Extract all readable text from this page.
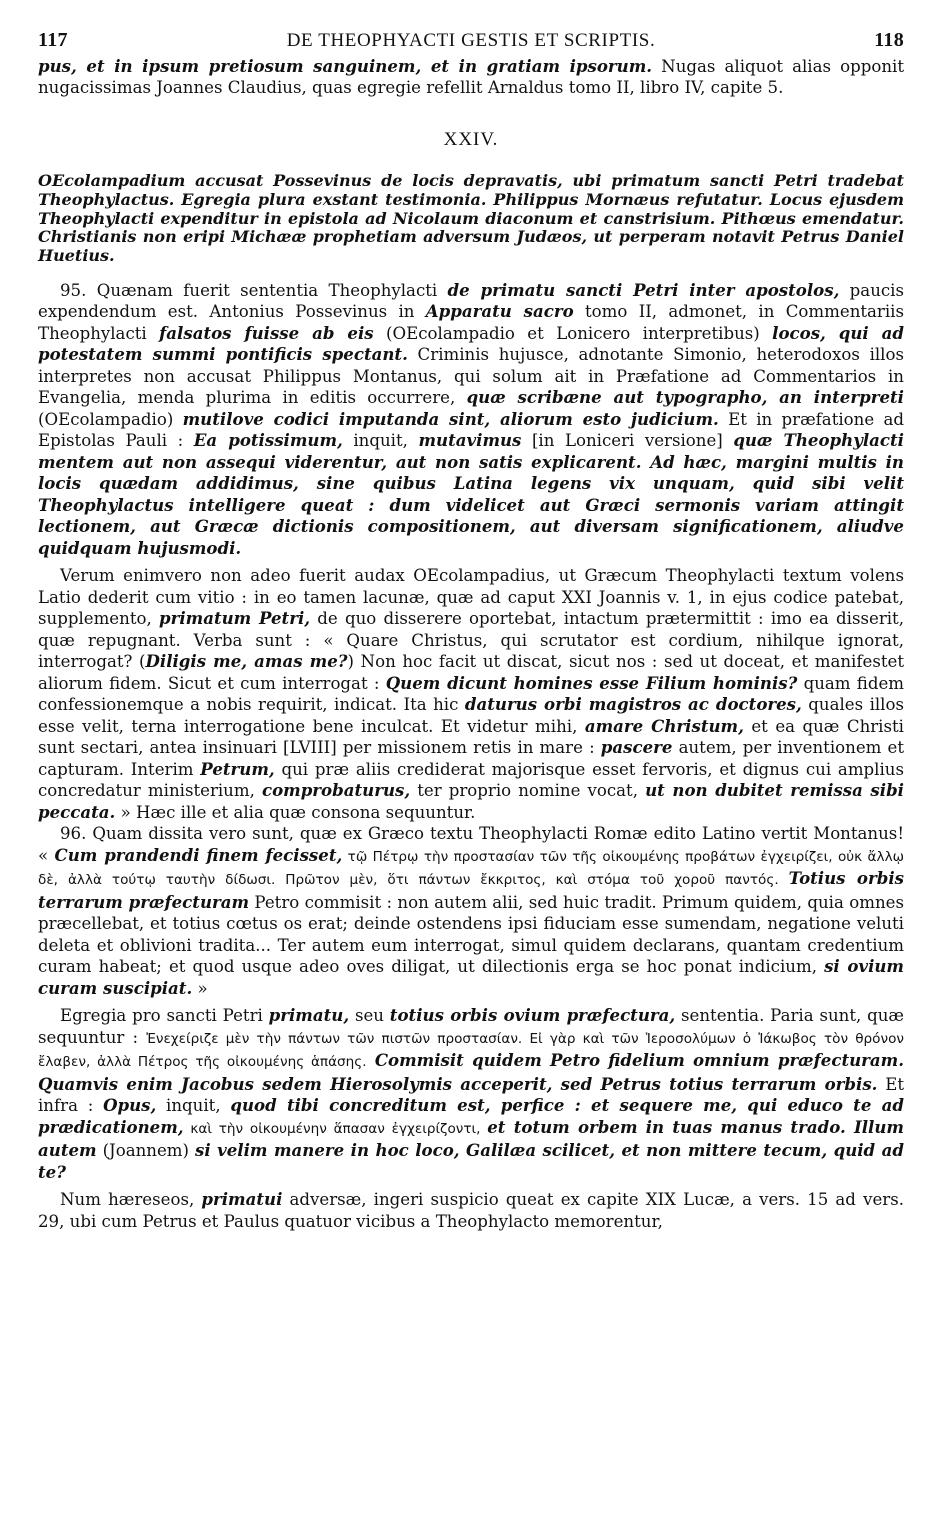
117	DE THEOPHYACTI GESTIS ET SCRIPTIS.	118

pus, et in ipsum pretiosum sanguinem, et in gratiam ipsorum. Nugas aliquot alias opponit nugacissimas Joannes Claudius, quas egregie refellit Arnaldus tomo II, libro IV, capite 5.

XXIV.

OEcolampadium accusat Possevinus de locis depravatis, ubi primatum sancti Petri tradebat Theophylactus. Egregia plura exstant testimonia. Philippus Mornæus refutatur. Locus ejusdem Theophylacti expenditur in epistola ad Nicolaum diaconum et canstrisium. Pithœus emendatur. Christianis non eripi Michææ prophetiam adversum Judæos, ut perperam notavit Petrus Daniel Huetius.

95. Quænam fuerit sententia Theophylacti de primatu sancti Petri inter apostolos, paucis expendendum est. Antonius Possevinus in Apparatu sacro tomo II, admonet, in Commentariis Theophylacti falsatos fuisse ab eis (OEcolampadio et Lonicero interpretibus) locos, qui ad potestatem summi pontificis spectant. Criminis hujusce, adnotante Simonio, heterodoxos illos interpretes non accusat Philippus Montanus, qui solum ait in Præfatione ad Commentarios in Evangelia, menda plurima in editis occurrere, quæ scribæne aut typographo, an interpreti (OEcolampadio) mutilove codici imputanda sint, aliorum esto judicium. Et in præfatione ad Epistolas Pauli : Ea potissimum, inquit, mutavimus [in Loniceri versione] quæ Theophylacti mentem aut non assequi viderentur, aut non satis explicarent. Ad hæc, margini multis in locis quædam addidimus, sine quibus Latina legens vix unquam, quid sibi velit Theophylactus intelligere queat : dum videlicet aut Græci sermonis variam attingit lectionem, aut Græcæ dictionis compositionem, aut diversam significationem, aliudve quidquam hujusmodi.

Verum enimvero non adeo fuerit audax OEcolampadius, ut Græcum Theophylacti textum volens Latio dederit cum vitio : in eo tamen lacunæ, quæ ad caput XXI Joannis v. 1, in ejus codice patebat, supplemento, primatum Petri, de quo disserere oportebat, intactum prætermittit : imo ea disserit, quæ repugnant. Verba sunt : « Quare Christus, qui scrutator est cordium, nihilque ignorat, interrogat? (Diligis me, amas me?) Non hoc facit ut discat, sicut nos : sed ut doceat, et manifestet aliorum fidem. Sicut et cum interrogat : Quem dicunt homines esse Filium hominis? quam fidem confessionemque a nobis requirit, indicat. Ita hic daturus orbi magistros ac doctores, quales illos esse velit, terna interrogatione bene inculcat. Et videtur mihi, amare Christum, et ea quæ Christi sunt sectari, antea insinuari [LVIII] per missionem retis in mare : pascere autem, per inventionem et capturam. Interim Petrum, qui præ aliis crediderat majorisque esset fervoris, et dignus cui amplius concredatur ministerium, comprobaturus, ter proprio nomine vocat, ut non dubitet remissa sibi peccata. » Hæc ille et alia quæ consona sequuntur.

96. Quam dissita vero sunt, quæ ex Græco textu Theophylacti Romæ edito Latino vertit Montanus! « Cum prandendi finem fecisset, τῷ Πέτρῳ τὴν προστασίαν τῶν τῆς οἰκουμένης προβάτων ἐγχειρίζει, οὐκ ἄλλῳ δὲ, ἀλλὰ τούτῳ ταυτὴν δίδωσι. Πρῶτον μὲν, ὅτι πάντων ἔκκριτος, καὶ στόμα τοῦ χοροῦ παντός. Totius orbis terrarum præfecturam Petro commisit : non autem alii, sed huic tradit. Primum quidem, quia omnes præcellebat, et totius cœtus os erat; deinde ostendens ipsi fiduciam esse sumendam, negatione veluti deleta et oblivioni tradita... Ter autem eum interrogat, simul quidem declarans, quantam credentium curam habeat; et quod usque adeo oves diligat, ut dilectionis erga se hoc ponat indicium, si ovium curam suscipiat. »

Egregia pro sancti Petri primatu, seu totius orbis ovium præfectura, sententia. Paria sunt, quæ sequuntur : Ἐνεχείριζε μὲν τὴν πάντων τῶν πιστῶν προστασίαν. Εἰ γὰρ καὶ τῶν Ἱεροσολύμων ὁ Ἰάκωβος τὸν θρόνον ἔλαβεν, ἀλλὰ Πέτρος τῆς οἰκουμένης ἁπάσης. Commisit quidem Petro fidelium omnium præfecturam. Quamvis enim Jacobus sedem Hierosolymis acceperit, sed Petrus totius terrarum orbis. Et infra : Opus, inquit, quod tibi concreditum est, perfice : et sequere me, qui educo te ad prædicationem, καὶ τὴν οἰκουμένην ἅπασαν ἐγχειρίζοντι, et totum orbem in tuas manus trado. Illum autem (Joannem) si velim manere in hoc loco, Galilæa scilicet, et non mittere tecum, quid ad te?

Num hæreseos, primatui adversæ, ingeri suspicio queat ex capite XIX Lucæ, a vers. 15 ad vers. 29, ubi cum Petrus et Paulus quatuor vicibus a Theophylacto memorentur,
